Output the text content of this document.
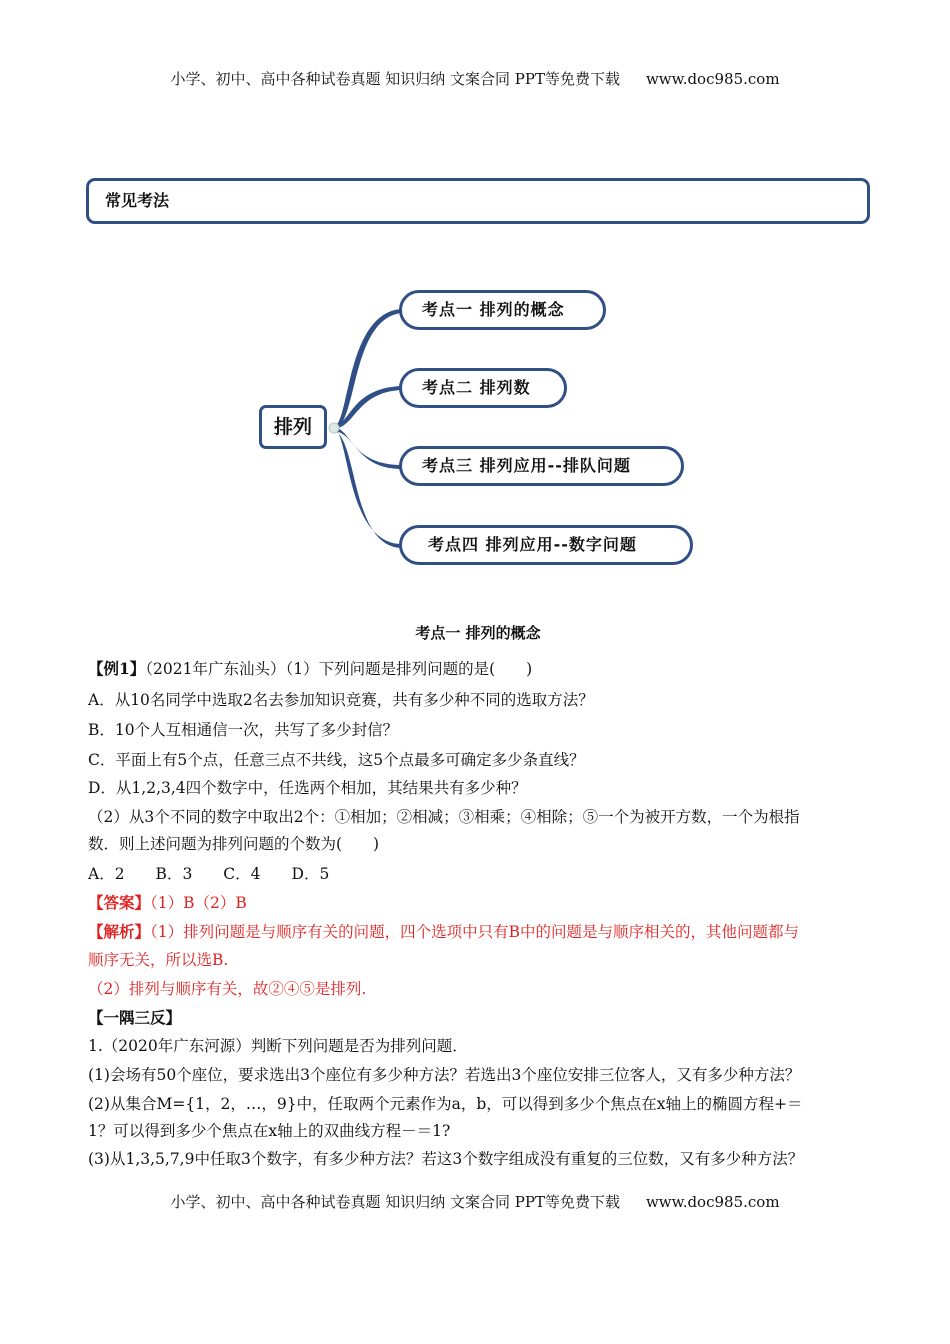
小学、初中、高中各种试卷真题 知识归纳 文案合同 PPT等免费下载 www.doc985.com
常见考法
排列
考点一 排列的概念
考点二 排列数
考点三 排列应用--排队问题
考点四 排列应用--数字问题
考点一 排列的概念
【例1】（2021年广东汕头）（1）下列问题是排列问题的是(　　)
A．从10名同学中选取2名去参加知识竞赛，共有多少种不同的选取方法？
B．10个人互相通信一次，共写了多少封信？
C．平面上有5个点，任意三点不共线，这5个点最多可确定多少条直线？
D．从1,2,3,4四个数字中，任选两个相加，其结果共有多少种？
（2）从3个不同的数字中取出2个：①相加；②相减；③相乘；④相除；⑤一个为被开方数，一个为根指
数．则上述问题为排列问题的个数为(　　)
A．2　　B．3　　C．4　　D．5
【答案】（1）B（2）B
【解析】（1）排列问题是与顺序有关的问题，四个选项中只有B中的问题是与顺序相关的，其他问题都与
顺序无关，所以选B.
（2）排列与顺序有关，故②④⑤是排列.
【一隅三反】
1.（2020年广东河源）判断下列问题是否为排列问题．
(1)会场有50个座位，要求选出3个座位有多少种方法？若选出3个座位安排三位客人，又有多少种方法？
(2)从集合M={1，2，…，9}中，任取两个元素作为a，b，可以得到多少个焦点在x轴上的椭圆方程+＝
1？可以得到多少个焦点在x轴上的双曲线方程－＝1?
(3)从1,3,5,7,9中任取3个数字，有多少种方法？若这3个数字组成没有重复的三位数，又有多少种方法？
小学、初中、高中各种试卷真题 知识归纳 文案合同 PPT等免费下载 www.doc985.com
